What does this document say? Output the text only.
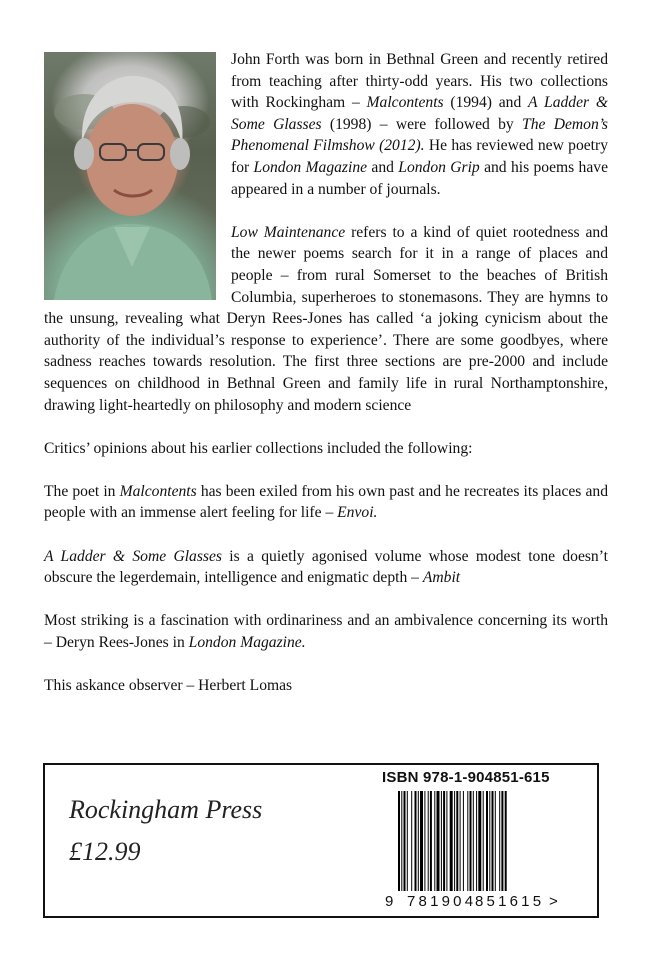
John Forth was born in Bethnal Green and recently retired from teaching after thirty-odd years. His two collections with Rockingham – Malcontents (1994) and A Ladder & Some Glasses (1998) – were followed by The Demon’s Phenomenal Filmshow (2012). He has reviewed new poetry for London Magazine and London Grip and his poems have appeared in a number of journals.

Low Maintenance refers to a kind of quiet rootedness and the newer poems search for it in a range of places and people – from rural Somerset to the beaches of British Columbia, superheroes to stonemasons. They are hymns to the unsung, revealing what Deryn Rees-Jones has called ‘a joking cynicism about the authority of the individual’s response to experience’. There are some goodbyes, where sadness reaches towards resolution. The first three sections are pre-2000 and include sequences on childhood in Bethnal Green and family life in rural Northamptonshire, drawing light-heartedly on philosophy and modern science

Critics’ opinions about his earlier collections included the following:

The poet in Malcontents has been exiled from his own past and he recreates its places and people with an immense alert feeling for life – Envoi.

A Ladder & Some Glasses is a quietly agonised volume whose modest tone doesn’t obscure the legerdemain, intelligence and enigmatic depth – Ambit

Most striking is a fascination with ordinariness and an ambivalence concerning its worth – Deryn Rees-Jones in London Magazine.

This askance observer – Herbert Lomas

Rockingham Press
£12.99
ISBN 978-1-904851-615
9 781904
851615 >
